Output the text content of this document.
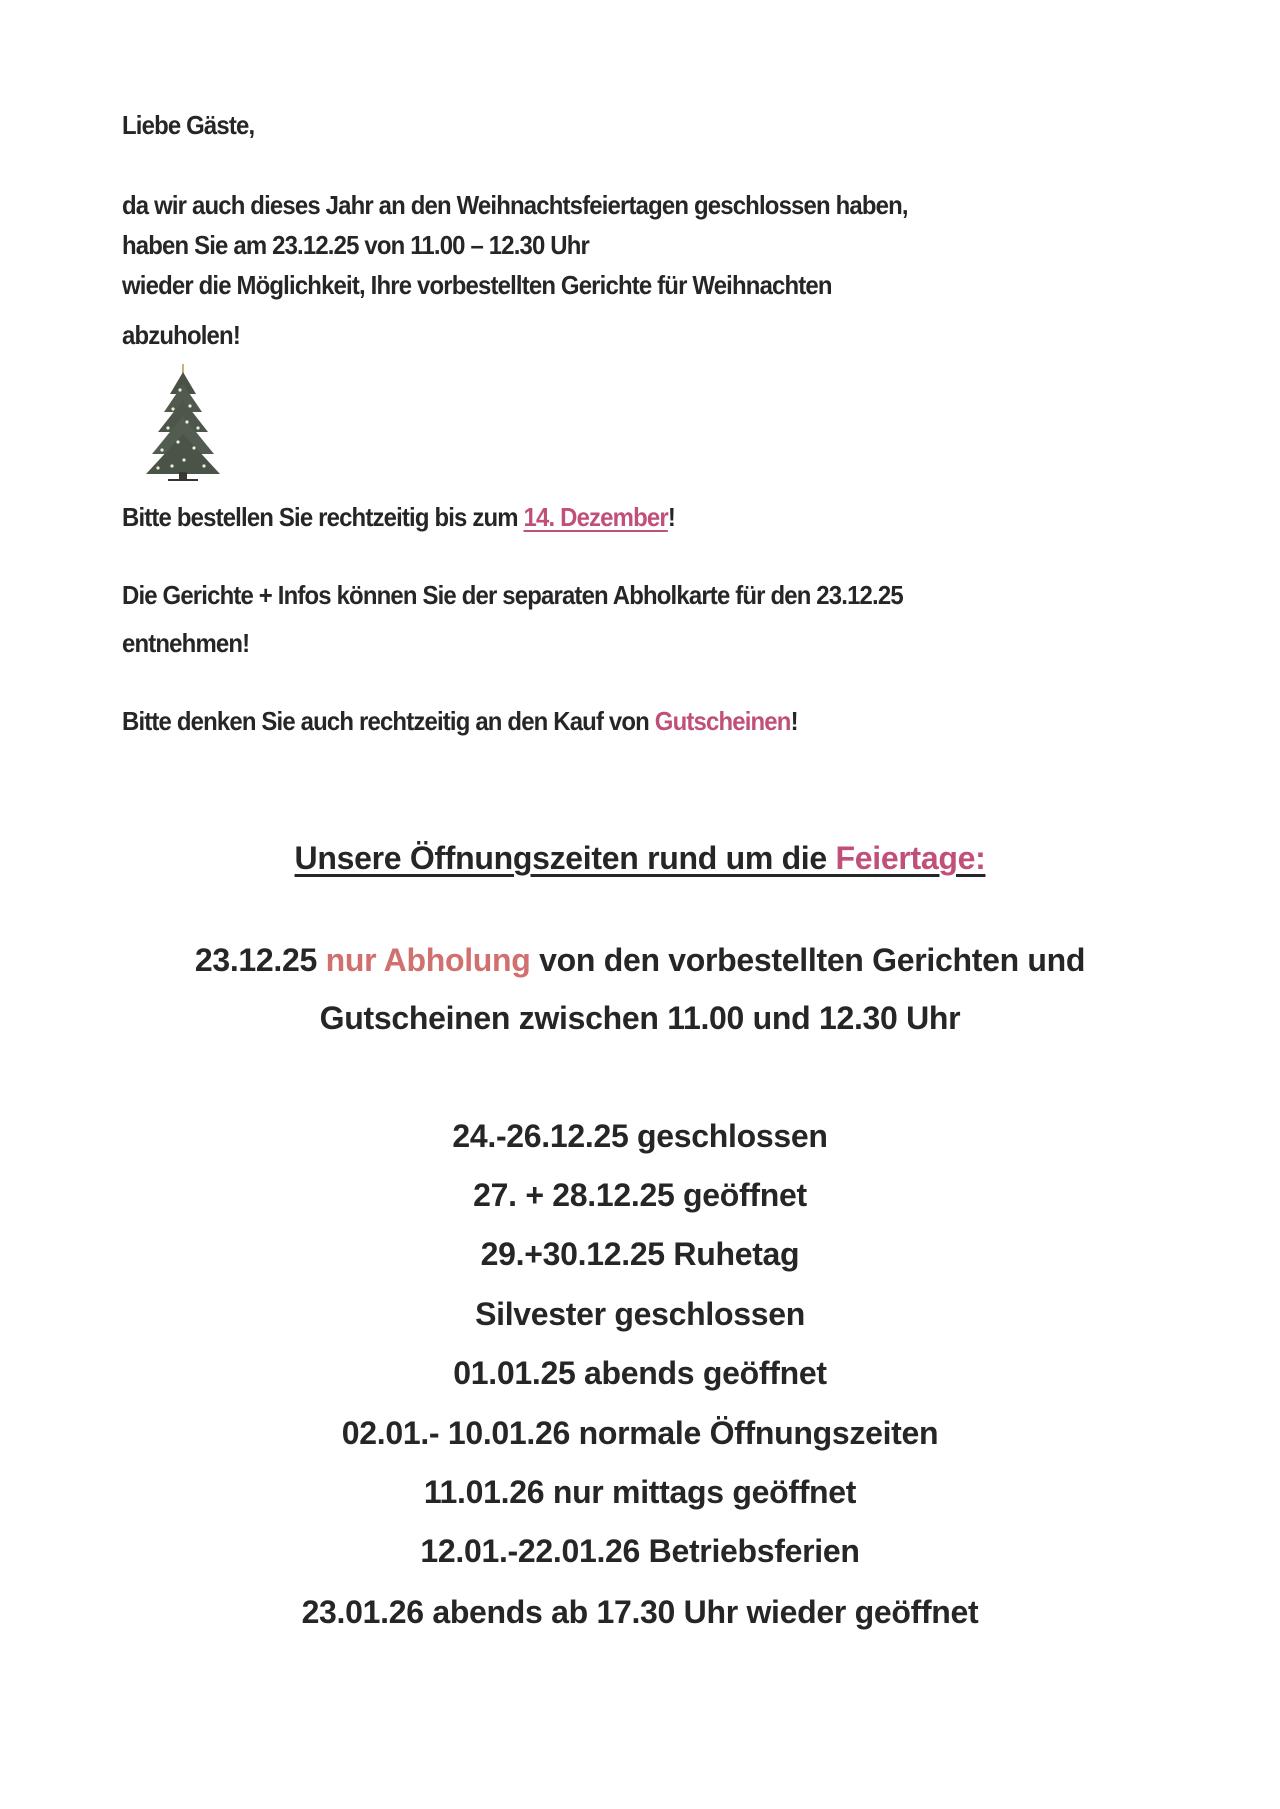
Liebe Gäste,
da wir auch dieses Jahr an den Weihnachtsfeiertagen geschlossen haben,
haben Sie am 23.12.25 von 11.00 – 12.30 Uhr
wieder die Möglichkeit, Ihre vorbestellten Gerichte für Weihnachten
abzuholen!
Bitte bestellen Sie rechtzeitig bis zum 14. Dezember!
Die Gerichte + Infos können Sie der separaten Abholkarte für den 23.12.25
entnehmen!
Bitte denken Sie auch rechtzeitig an den Kauf von Gutscheinen!
Unsere Öffnungszeiten rund um die Feiertage:
23.12.25 nur Abholung von den vorbestellten Gerichten und
Gutscheinen zwischen 11.00 und 12.30 Uhr
24.-26.12.25 geschlossen
27. + 28.12.25 geöffnet
29.+30.12.25 Ruhetag
Silvester geschlossen
01.01.25 abends geöffnet
02.01.- 10.01.26 normale Öffnungszeiten
11.01.26 nur mittags geöffnet
12.01.-22.01.26 Betriebsferien
23.01.26 abends ab 17.30 Uhr wieder geöffnet
